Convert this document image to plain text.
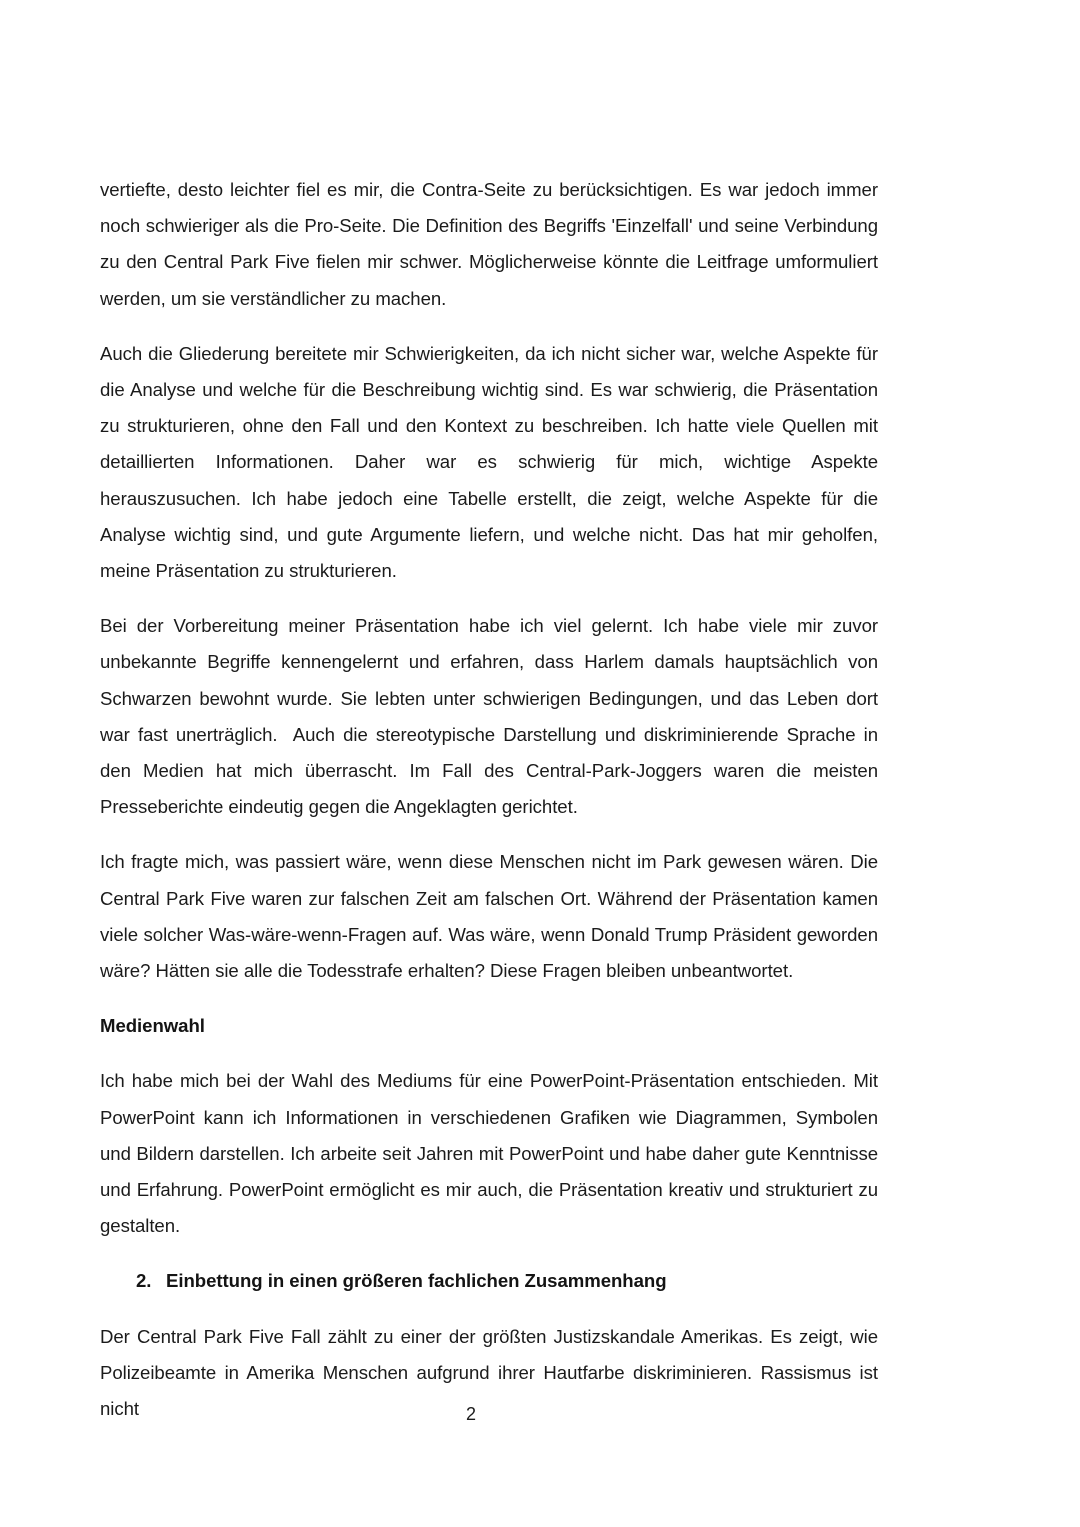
vertiefte, desto leichter fiel es mir, die Contra-Seite zu berücksichtigen. Es war jedoch immer noch schwieriger als die Pro-Seite. Die Definition des Begriffs 'Einzelfall' und seine Verbindung zu den Central Park Five fielen mir schwer. Möglicherweise könnte die Leitfrage umformuliert werden, um sie verständlicher zu machen.

Auch die Gliederung bereitete mir Schwierigkeiten, da ich nicht sicher war, welche Aspekte für die Analyse und welche für die Beschreibung wichtig sind. Es war schwierig, die Präsentation zu strukturieren, ohne den Fall und den Kontext zu beschreiben. Ich hatte viele Quellen mit detaillierten Informationen. Daher war es schwierig für mich, wichtige Aspekte herauszusuchen. Ich habe jedoch eine Tabelle erstellt, die zeigt, welche Aspekte für die Analyse wichtig sind, und gute Argumente liefern, und welche nicht. Das hat mir geholfen, meine Präsentation zu strukturieren.

Bei der Vorbereitung meiner Präsentation habe ich viel gelernt. Ich habe viele mir zuvor unbekannte Begriffe kennengelernt und erfahren, dass Harlem damals hauptsächlich von Schwarzen bewohnt wurde. Sie lebten unter schwierigen Bedingungen, und das Leben dort war fast unerträglich.  Auch die stereotypische Darstellung und diskriminierende Sprache in den Medien hat mich überrascht. Im Fall des Central-Park-Joggers waren die meisten Presseberichte eindeutig gegen die Angeklagten gerichtet.

Ich fragte mich, was passiert wäre, wenn diese Menschen nicht im Park gewesen wären. Die Central Park Five waren zur falschen Zeit am falschen Ort. Während der Präsentation kamen viele solcher Was-wäre-wenn-Fragen auf. Was wäre, wenn Donald Trump Präsident geworden wäre? Hätten sie alle die Todesstrafe erhalten? Diese Fragen bleiben unbeantwortet.

Medienwahl

Ich habe mich bei der Wahl des Mediums für eine PowerPoint-Präsentation entschieden. Mit PowerPoint kann ich Informationen in verschiedenen Grafiken wie Diagrammen, Symbolen und Bildern darstellen. Ich arbeite seit Jahren mit PowerPoint und habe daher gute Kenntnisse und Erfahrung. PowerPoint ermöglicht es mir auch, die Präsentation kreativ und strukturiert zu gestalten.

2. Einbettung in einen größeren fachlichen Zusammenhang

Der Central Park Five Fall zählt zu einer der größten Justizskandale Amerikas. Es zeigt, wie Polizeibeamte in Amerika Menschen aufgrund ihrer Hautfarbe diskriminieren. Rassismus ist nicht	2
